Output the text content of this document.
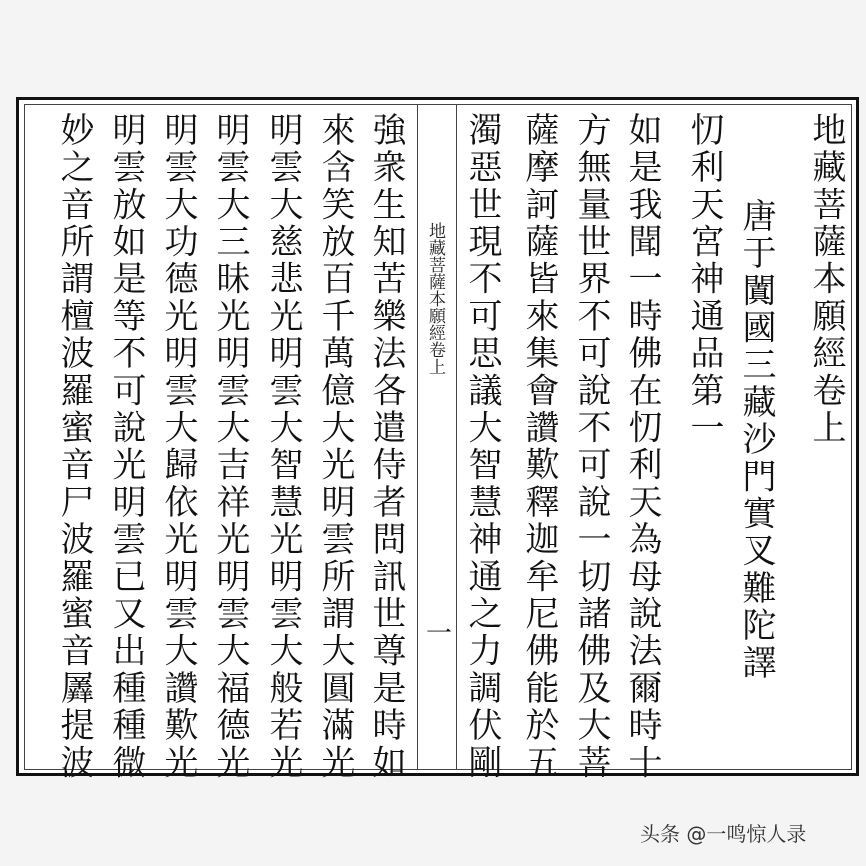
地藏菩薩本願經卷上
唐于闐國三藏沙門實叉難陀譯
忉利天宮神通品第一
如是我聞一時佛在忉利天為母說法爾時十
方無量世界不可說不可說一切諸佛及大菩
薩摩訶薩皆來集會讚歎釋迦牟尼佛能於五
濁惡世現不可思議大智慧神通之力調伏剛
地藏菩薩本願經卷上
一
強衆生知苦樂法各遣侍者問訊世尊是時如
來含笑放百千萬億大光明雲所謂大圓滿光
明雲大慈悲光明雲大智慧光明雲大般若光
明雲大三昧光明雲大吉祥光明雲大福德光
明雲大功德光明雲大歸依光明雲大讚歎光
明雲放如是等不可說光明雲已又出種種微
妙之音所謂檀波羅蜜音尸波羅蜜音羼提波
头条 @一鸣惊人录
